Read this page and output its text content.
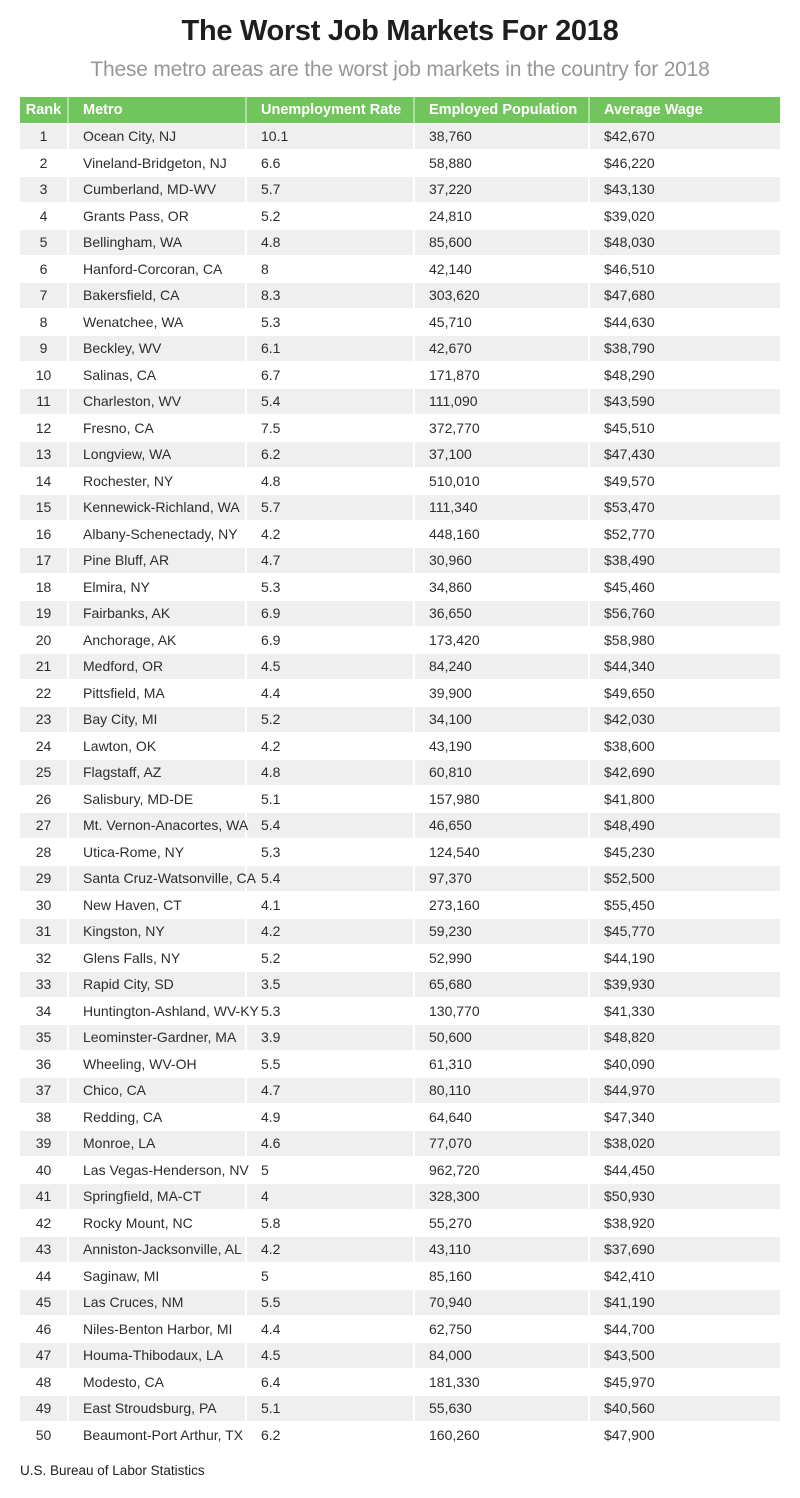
The Worst Job Markets For 2018
These metro areas are the worst job markets in the country for 2018
Rank	Metro	Unemployment Rate	Employed Population	Average Wage
1	Ocean City, NJ	10.1	38,760	$42,670
2	Vineland-Bridgeton, NJ	6.6	58,880	$46,220
3	Cumberland, MD-WV	5.7	37,220	$43,130
4	Grants Pass, OR	5.2	24,810	$39,020
5	Bellingham, WA	4.8	85,600	$48,030
6	Hanford-Corcoran, CA	8	42,140	$46,510
7	Bakersfield, CA	8.3	303,620	$47,680
8	Wenatchee, WA	5.3	45,710	$44,630
9	Beckley, WV	6.1	42,670	$38,790
10	Salinas, CA	6.7	171,870	$48,290
11	Charleston, WV	5.4	111,090	$43,590
12	Fresno, CA	7.5	372,770	$45,510
13	Longview, WA	6.2	37,100	$47,430
14	Rochester, NY	4.8	510,010	$49,570
15	Kennewick-Richland, WA	5.7	111,340	$53,470
16	Albany-Schenectady, NY	4.2	448,160	$52,770
17	Pine Bluff, AR	4.7	30,960	$38,490
18	Elmira, NY	5.3	34,860	$45,460
19	Fairbanks, AK	6.9	36,650	$56,760
20	Anchorage, AK	6.9	173,420	$58,980
21	Medford, OR	4.5	84,240	$44,340
22	Pittsfield, MA	4.4	39,900	$49,650
23	Bay City, MI	5.2	34,100	$42,030
24	Lawton, OK	4.2	43,190	$38,600
25	Flagstaff, AZ	4.8	60,810	$42,690
26	Salisbury, MD-DE	5.1	157,980	$41,800
27	Mt. Vernon-Anacortes, WA	5.4	46,650	$48,490
28	Utica-Rome, NY	5.3	124,540	$45,230
29	Santa Cruz-Watsonville, CA	5.4	97,370	$52,500
30	New Haven, CT	4.1	273,160	$55,450
31	Kingston, NY	4.2	59,230	$45,770
32	Glens Falls, NY	5.2	52,990	$44,190
33	Rapid City, SD	3.5	65,680	$39,930
34	Huntington-Ashland, WV-KY	5.3	130,770	$41,330
35	Leominster-Gardner, MA	3.9	50,600	$48,820
36	Wheeling, WV-OH	5.5	61,310	$40,090
37	Chico, CA	4.7	80,110	$44,970
38	Redding, CA	4.9	64,640	$47,340
39	Monroe, LA	4.6	77,070	$38,020
40	Las Vegas-Henderson, NV	5	962,720	$44,450
41	Springfield, MA-CT	4	328,300	$50,930
42	Rocky Mount, NC	5.8	55,270	$38,920
43	Anniston-Jacksonville, AL	4.2	43,110	$37,690
44	Saginaw, MI	5	85,160	$42,410
45	Las Cruces, NM	5.5	70,940	$41,190
46	Niles-Benton Harbor, MI	4.4	62,750	$44,700
47	Houma-Thibodaux, LA	4.5	84,000	$43,500
48	Modesto, CA	6.4	181,330	$45,970
49	East Stroudsburg, PA	5.1	55,630	$40,560
50	Beaumont-Port Arthur, TX	6.2	160,260	$47,900
U.S. Bureau of Labor Statistics
